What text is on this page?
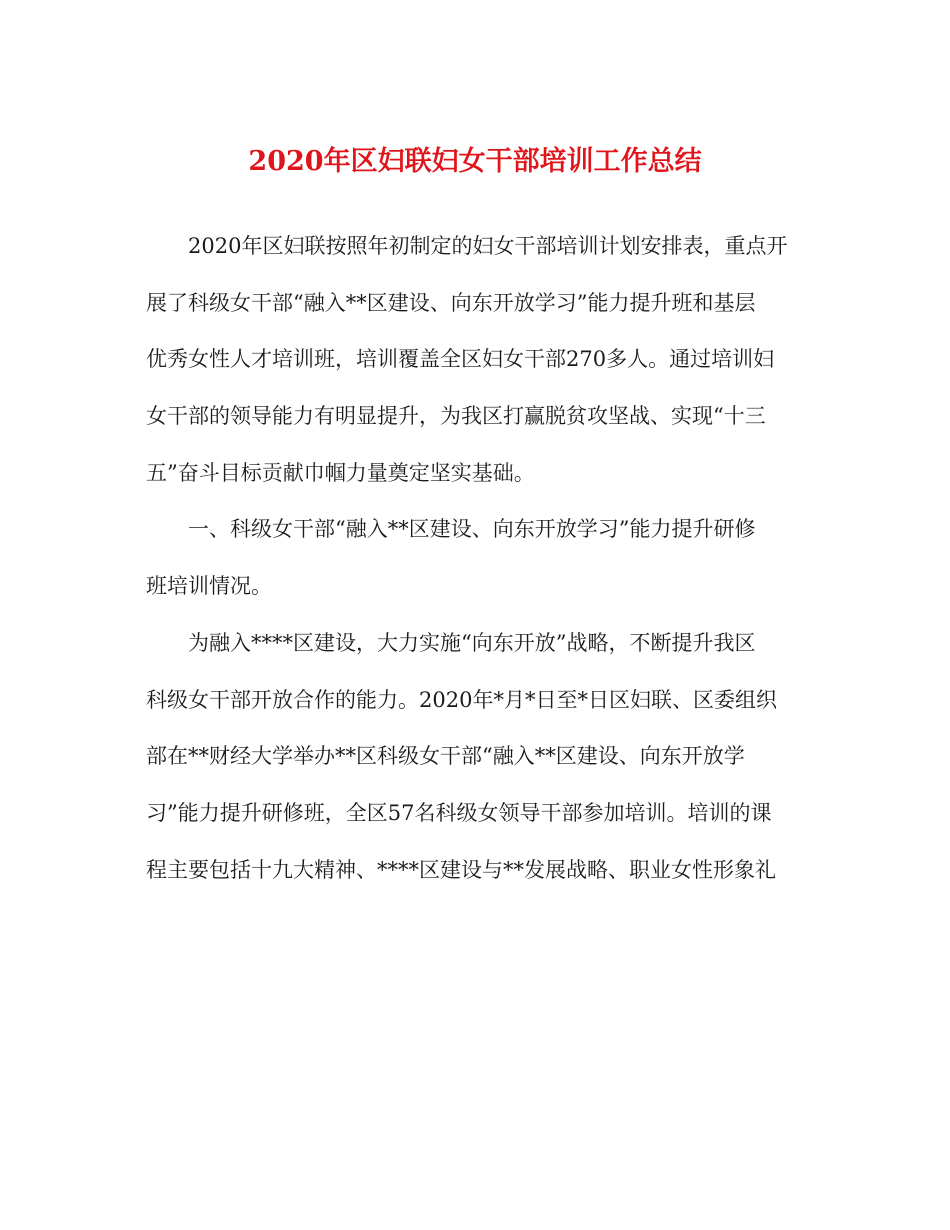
2020年区妇联妇女干部培训工作总结
2020年区妇联按照年初制定的妇女干部培训计划安排表，重点开
展了科级女干部“融入**区建设、向东开放学习”能力提升班和基层
优秀女性人才培训班，培训覆盖全区妇女干部270多人。通过培训妇
女干部的领导能力有明显提升，为我区打赢脱贫攻坚战、实现“十三
五”奋斗目标贡献巾帼力量奠定坚实基础。
一、科级女干部“融入**区建设、向东开放学习”能力提升研修
班培训情况。
为融入****区建设，大力实施“向东开放”战略，不断提升我区
科级女干部开放合作的能力。2020年*月*日至*日区妇联、区委组织
部在**财经大学举办**区科级女干部“融入**区建设、向东开放学
习”能力提升研修班，全区57名科级女领导干部参加培训。培训的课
程主要包括十九大精神、****区建设与**发展战略、职业女性形象礼
